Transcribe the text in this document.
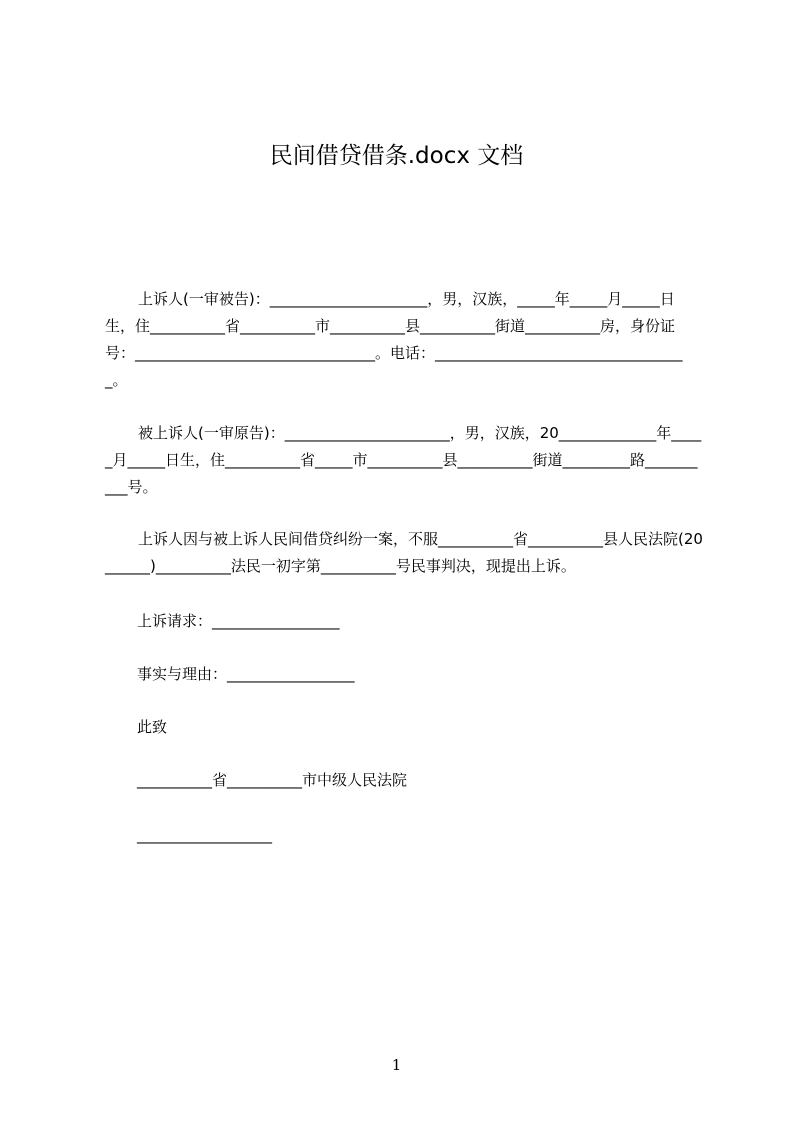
民间借贷借条.docx 文档

上诉人(一审被告)：_____________________，男，汉族，_____年_____月_____日生，住__________省__________市__________县__________街道__________房，身份证号：________________________________。电话：__________________________________。

被上诉人(一审原告)：______________________，男，汉族，20_____________年_____月_____日生，住__________省_____市__________县__________街道_________路__________号。

上诉人因与被上诉人民间借贷纠纷一案，不服__________省__________县人民法院(20______)__________法民一初字第__________号民事判决，现提出上诉。

上诉请求：_________________
事实与理由：_________________
此致
__________省__________市中级人民法院
__________________
1
